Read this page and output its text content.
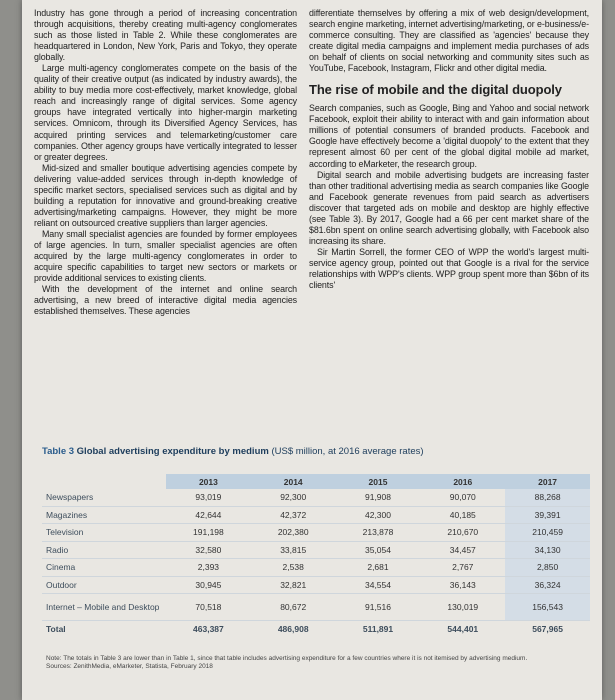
Industry has gone through a period of increasing concentration through acquisitions, thereby creating multi-agency conglomerates such as those listed in Table 2. While these conglomerates are headquartered in London, New York, Paris and Tokyo, they operate globally.

Large multi-agency conglomerates compete on the basis of the quality of their creative output (as indicated by industry awards), the ability to buy media more cost-effectively, market knowledge, global reach and increasingly range of digital services. Some agency groups have integrated vertically into higher-margin marketing services. Omnicom, through its Diversified Agency Services, has acquired printing services and telemarketing/customer care companies. Other agency groups have vertically integrated to lesser or greater degrees.

Mid-sized and smaller boutique advertising agencies compete by delivering value-added services through in-depth knowledge of specific market sectors, specialised services such as digital and by building a reputation for innovative and ground-breaking creative advertising/marketing campaigns. However, they might be more reliant on outsourced creative suppliers than larger agencies.

Many small specialist agencies are founded by former employees of large agencies. In turn, smaller specialist agencies are often acquired by the large multi-agency conglomerates in order to acquire specific capabilities to target new sectors or markets or provide additional services to existing clients.

With the development of the internet and online search advertising, a new breed of interactive digital media agencies established themselves. These agencies

differentiate themselves by offering a mix of web design/development, search engine marketing, internet advertising/marketing, or e-business/e-commerce consulting. They are classified as 'agencies' because they create digital media campaigns and implement media purchases of ads on behalf of clients on social networking and community sites such as YouTube, Facebook, Instagram, Flickr and other digital media.

The rise of mobile and the digital duopoly

Search companies, such as Google, Bing and Yahoo and social network Facebook, exploit their ability to interact with and gain information about millions of potential consumers of branded products. Facebook and Google have effectively become a 'digital duopoly' to the extent that they represent almost 60 per cent of the global digital mobile ad market, according to eMarketer, the research group.

Digital search and mobile advertising budgets are increasing faster than other traditional advertising media as search companies like Google and Facebook generate revenues from paid search as advertisers discover that targeted ads on mobile and desktop are highly effective (see Table 3). By 2017, Google had a 66 per cent market share of the $81.6bn spent on online search advertising globally, with Facebook also increasing its share.

Sir Martin Sorrell, the former CEO of WPP the world's largest multi-service agency group, pointed out that Google is a rival for the service relationships with WPP's clients. WPP group spent more than $6bn of its clients'

Table 3 Global advertising expenditure by medium (US$ million, at 2016 average rates)
	2013	2014	2015	2016	2017
Newspapers	93,019	92,300	91,908	90,070	88,268
Magazines	42,644	42,372	42,300	40,185	39,391
Television	191,198	202,380	213,878	210,670	210,459
Radio	32,580	33,815	35,054	34,457	34,130
Cinema	2,393	2,538	2,681	2,767	2,850
Outdoor	30,945	32,821	34,554	36,143	36,324
Internet – Mobile and Desktop	70,518	80,672	91,516	130,019	156,543
Total	463,387	486,908	511,891	544,401	567,965
Note: The totals in Table 3 are lower than in Table 1, since that table includes advertising expenditure for a few countries where it is not itemised by advertising medium.
Sources: ZenithMedia, eMarketer, Statista, February 2018
